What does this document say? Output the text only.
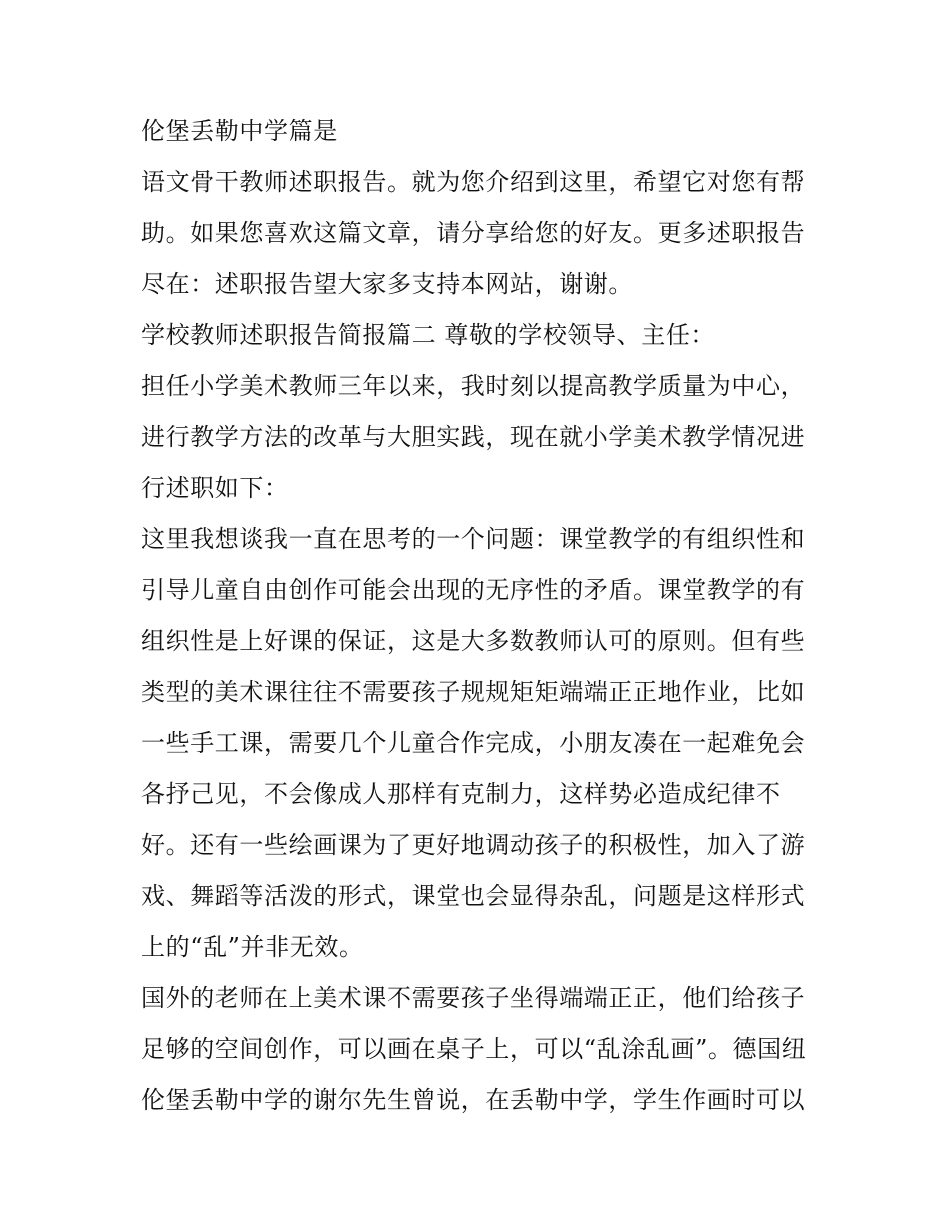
伦堡丢勒中学篇是
语文骨干教师述职报告。就为您介绍到这里，希望它对您有帮
助。如果您喜欢这篇文章，请分享给您的好友。更多述职报告
尽在：述职报告望大家多支持本网站，谢谢。
学校教师述职报告简报篇二 尊敬的学校领导、主任：
担任小学美术教师三年以来，我时刻以提高教学质量为中心，
进行教学方法的改革与大胆实践，现在就小学美术教学情况进
行述职如下：
这里我想谈我一直在思考的一个问题：课堂教学的有组织性和
引导儿童自由创作可能会出现的无序性的矛盾。课堂教学的有
组织性是上好课的保证，这是大多数教师认可的原则。但有些
类型的美术课往往不需要孩子规规矩矩端端正正地作业，比如
一些手工课，需要几个儿童合作完成，小朋友凑在一起难免会
各抒己见，不会像成人那样有克制力，这样势必造成纪律不
好。还有一些绘画课为了更好地调动孩子的积极性，加入了游
戏、舞蹈等活泼的形式，课堂也会显得杂乱，问题是这样形式
上的“乱”并非无效。
国外的老师在上美术课不需要孩子坐得端端正正，他们给孩子
足够的空间创作，可以画在桌子上，可以“乱涂乱画”。德国纽
伦堡丢勒中学的谢尔先生曾说，在丢勒中学，学生作画时可以
